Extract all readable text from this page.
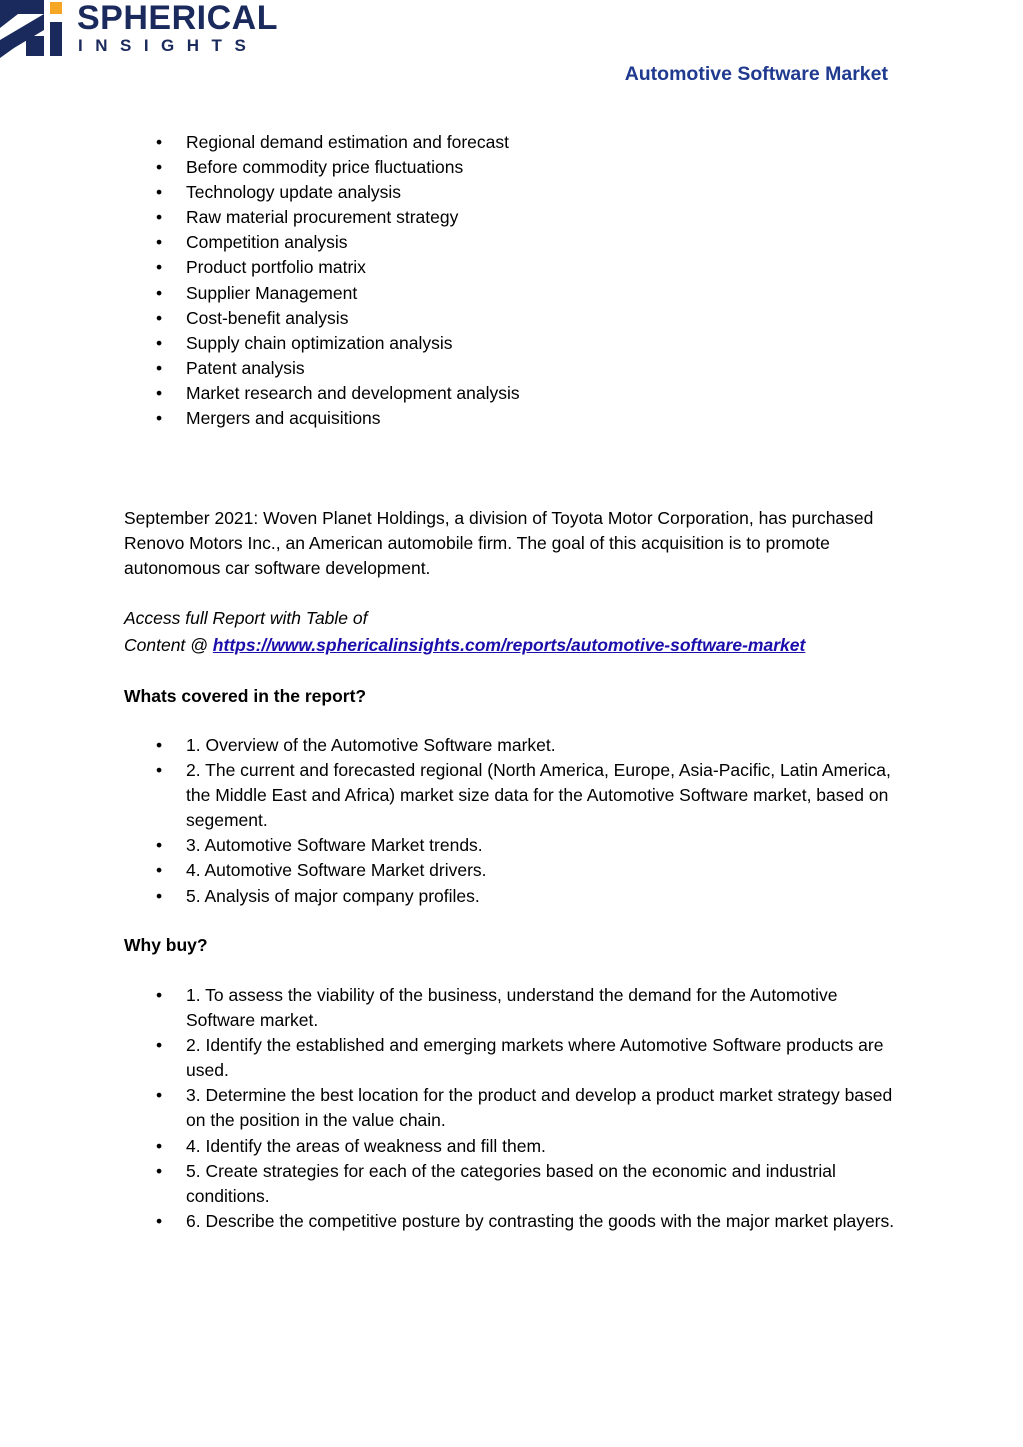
SPHERICAL
INSIGHTS
Automotive Software Market
• Regional demand estimation and forecast
• Before commodity price fluctuations
• Technology update analysis
• Raw material procurement strategy
• Competition analysis
• Product portfolio matrix
• Supplier Management
• Cost-benefit analysis
• Supply chain optimization analysis
• Patent analysis
• Market research and development analysis
• Mergers and acquisitions

September 2021: Woven Planet Holdings, a division of Toyota Motor Corporation, has purchased Renovo Motors Inc., an American automobile firm. The goal of this acquisition is to promote autonomous car software development.

Access full Report with Table of
Content @ https://www.sphericalinsights.com/reports/automotive-software-market

Whats covered in the report?

• 1. Overview of the Automotive Software market.
• 2. The current and forecasted regional (North America, Europe, Asia-Pacific, Latin America, the Middle East and Africa) market size data for the Automotive Software market, based on segement.
• 3. Automotive Software Market trends.
• 4. Automotive Software Market drivers.
• 5. Analysis of major company profiles.

Why buy?

• 1. To assess the viability of the business, understand the demand for the Automotive Software market.
• 2. Identify the established and emerging markets where Automotive Software products are used.
• 3. Determine the best location for the product and develop a product market strategy based on the position in the value chain.
• 4. Identify the areas of weakness and fill them.
• 5. Create strategies for each of the categories based on the economic and industrial conditions.
• 6. Describe the competitive posture by contrasting the goods with the major market players.
